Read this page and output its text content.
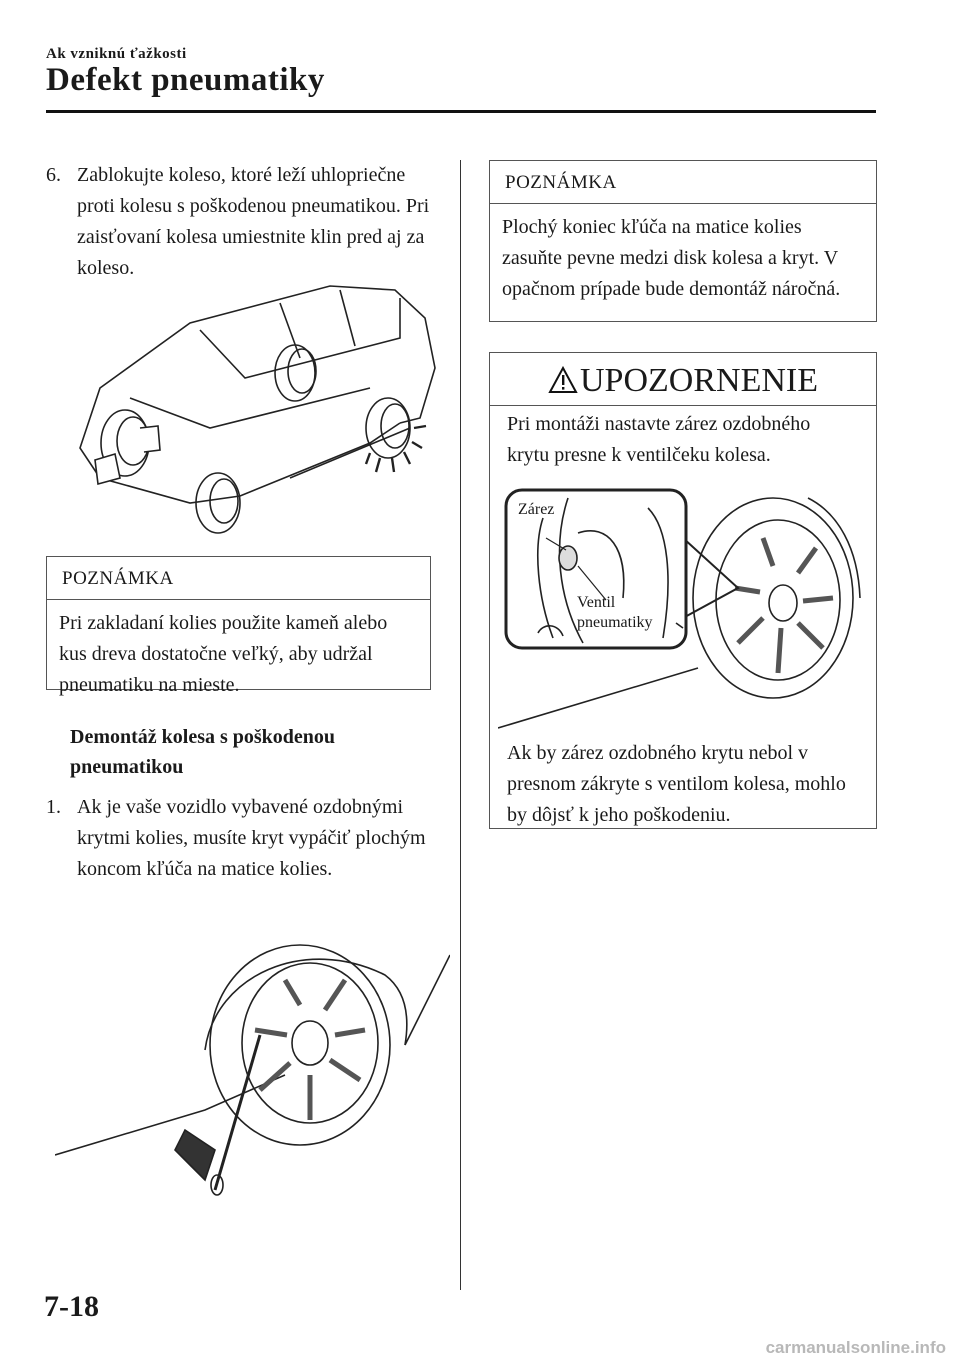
Ak vzniknú ťažkosti
Defekt pneumatiky
6. Zablokujte koleso, ktoré leží uhlopriečne proti kolesu s poškodenou pneumatikou. Pri zaisťovaní kolesa umiestnite klin pred aj za koleso.
POZNÁMKA
Pri zakladaní kolies použite kameň alebo kus dreva dostatočne veľký, aby udržal pneumatiku na mieste.
Demontáž kolesa s poškodenou pneumatikou
1. Ak je vaše vozidlo vybavené ozdobnými krytmi kolies, musíte kryt vypáčiť plochým koncom kľúča na matice kolies.
POZNÁMKA
Plochý koniec kľúča na matice kolies zasuňte pevne medzi disk kolesa a kryt. V opačnom prípade bude demontáž náročná.
UPOZORNENIE
Pri montáži nastavte zárez ozdobného krytu presne k ventilčeku kolesa.
Zárez
Ventil
pneumatiky
Ak by zárez ozdobného krytu nebol v presnom zákryte s ventilom kolesa, mohlo by dôjsť k jeho poškodeniu.
7-18
carmanualsonline.info
